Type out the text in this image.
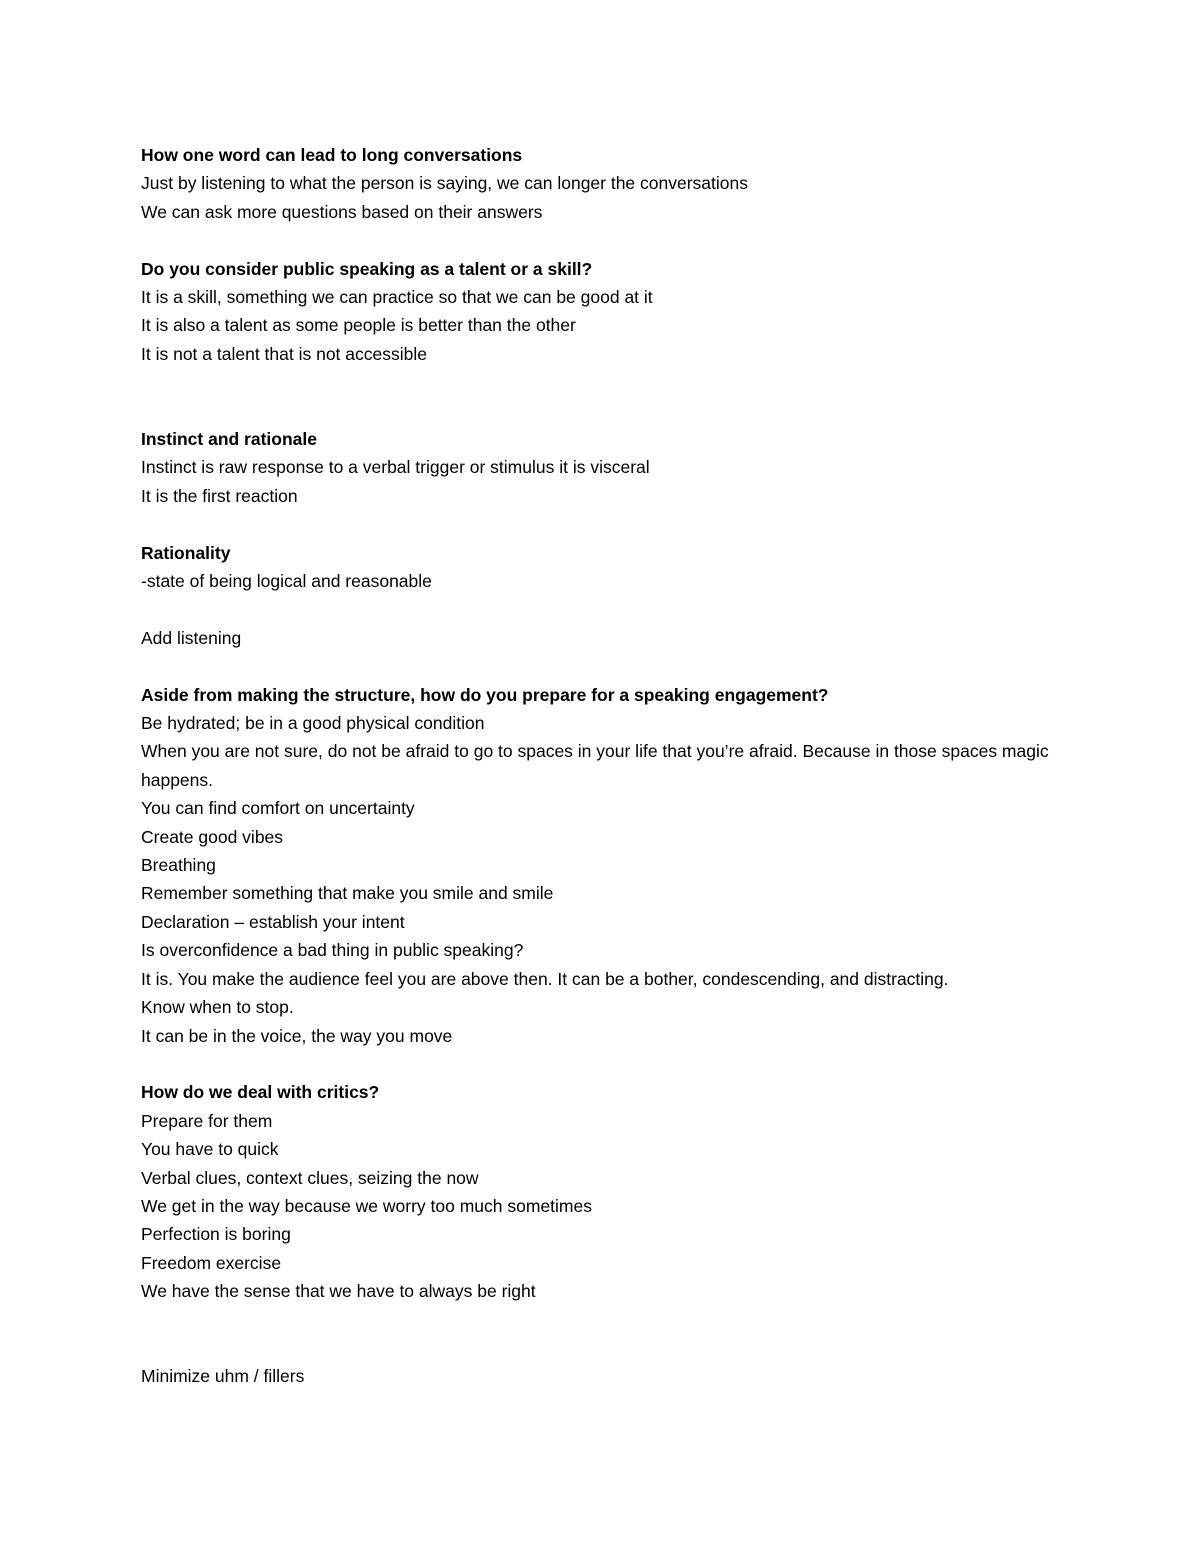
How one word can lead to long conversations
Just by listening to what the person is saying, we can longer the conversations
We can ask more questions based on their answers
Do you consider public speaking as a talent or a skill?
It is a skill, something we can practice so that we can be good at it
It is also a talent as some people is better than the other
It is not a talent that is not accessible
Instinct and rationale
Instinct is raw response to a verbal trigger or stimulus it is visceral
It is the first reaction
Rationality
-state of being logical and reasonable
Add listening
Aside from making the structure, how do you prepare for a speaking engagement?
Be hydrated; be in a good physical condition
When you are not sure, do not be afraid to go to spaces in your life that you’re afraid. Because in those spaces magic happens.
You can find comfort on uncertainty
Create good vibes
Breathing
Remember something that make you smile and smile
Declaration – establish your intent
Is overconfidence a bad thing in public speaking?
It is. You make the audience feel you are above then. It can be a bother, condescending, and distracting.
Know when to stop.
It can be in the voice, the way you move
How do we deal with critics?
Prepare for them
You have to quick
Verbal clues, context clues, seizing the now
We get in the way because we worry too much sometimes
Perfection is boring
Freedom exercise
We have the sense that we have to always be right
Minimize uhm / fillers
